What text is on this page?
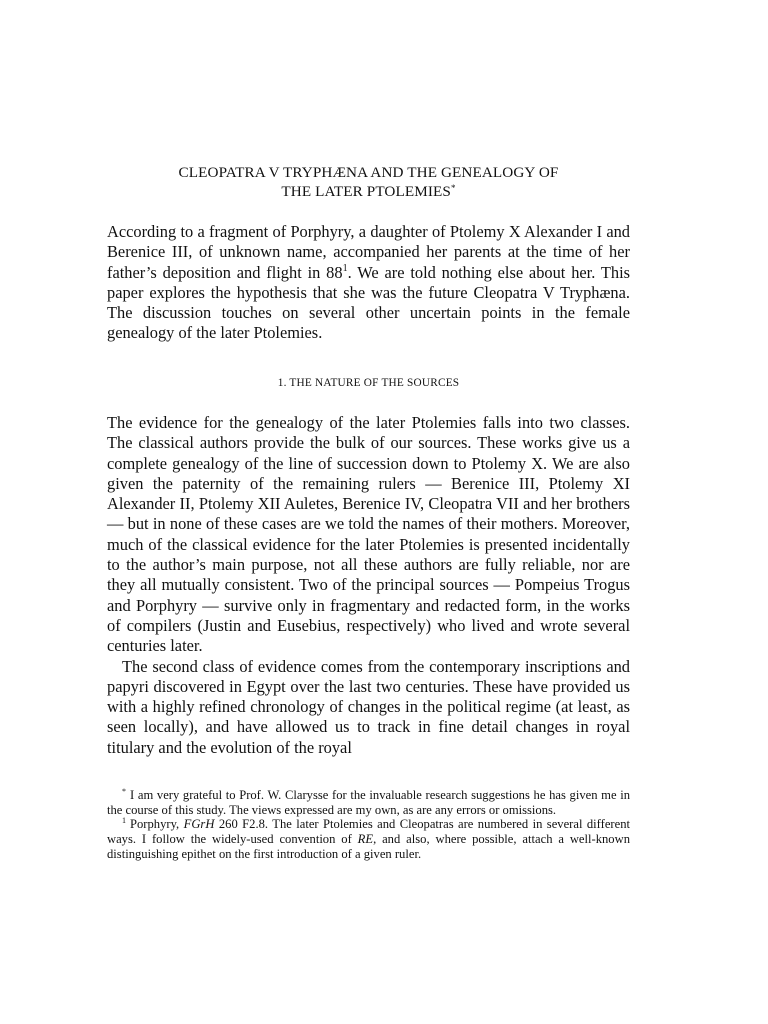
CLEOPATRA V TRYPHÆNA AND THE GENEALOGY OF
THE LATER PTOLEMIES*

According to a fragment of Porphyry, a daughter of Ptolemy X Alexander I and Berenice III, of unknown name, accompanied her parents at the time of her father’s deposition and flight in 88$^1$. We are told nothing else about her. This paper explores the hypothesis that she was the future Cleopatra V Tryphæna. The discussion touches on several other uncertain points in the female genealogy of the later Ptolemies.

1. THE NATURE OF THE SOURCES

The evidence for the genealogy of the later Ptolemies falls into two classes. The classical authors provide the bulk of our sources. These works give us a complete genealogy of the line of succession down to Ptolemy X. We are also given the paternity of the remaining rulers — Berenice III, Ptolemy XI Alexander II, Ptolemy XII Auletes, Berenice IV, Cleopatra VII and her brothers — but in none of these cases are we told the names of their mothers. Moreover, much of the classical evidence for the later Ptolemies is presented incidentally to the author’s main purpose, not all these authors are fully reliable, nor are they all mutually consistent. Two of the principal sources — Pompeius Trogus and Porphyry — survive only in fragmentary and redacted form, in the works of compilers (Justin and Eusebius, respectively) who lived and wrote several centuries later.

The second class of evidence comes from the contemporary inscriptions and papyri discovered in Egypt over the last two centuries. These have provided us with a highly refined chronology of changes in the political regime (at least, as seen locally), and have allowed us to track in fine detail changes in royal titulary and the evolution of the royal

* I am very grateful to Prof. W. Clarysse for the invaluable research suggestions he has given me in the course of this study. The views expressed are my own, as are any errors or omissions.

$^1$ Porphyry, FGrH 260 F2.8. The later Ptolemies and Cleopatras are numbered in several different ways. I follow the widely-used convention of RE, and also, where possible, attach a well-known distinguishing epithet on the first introduction of a given ruler.
